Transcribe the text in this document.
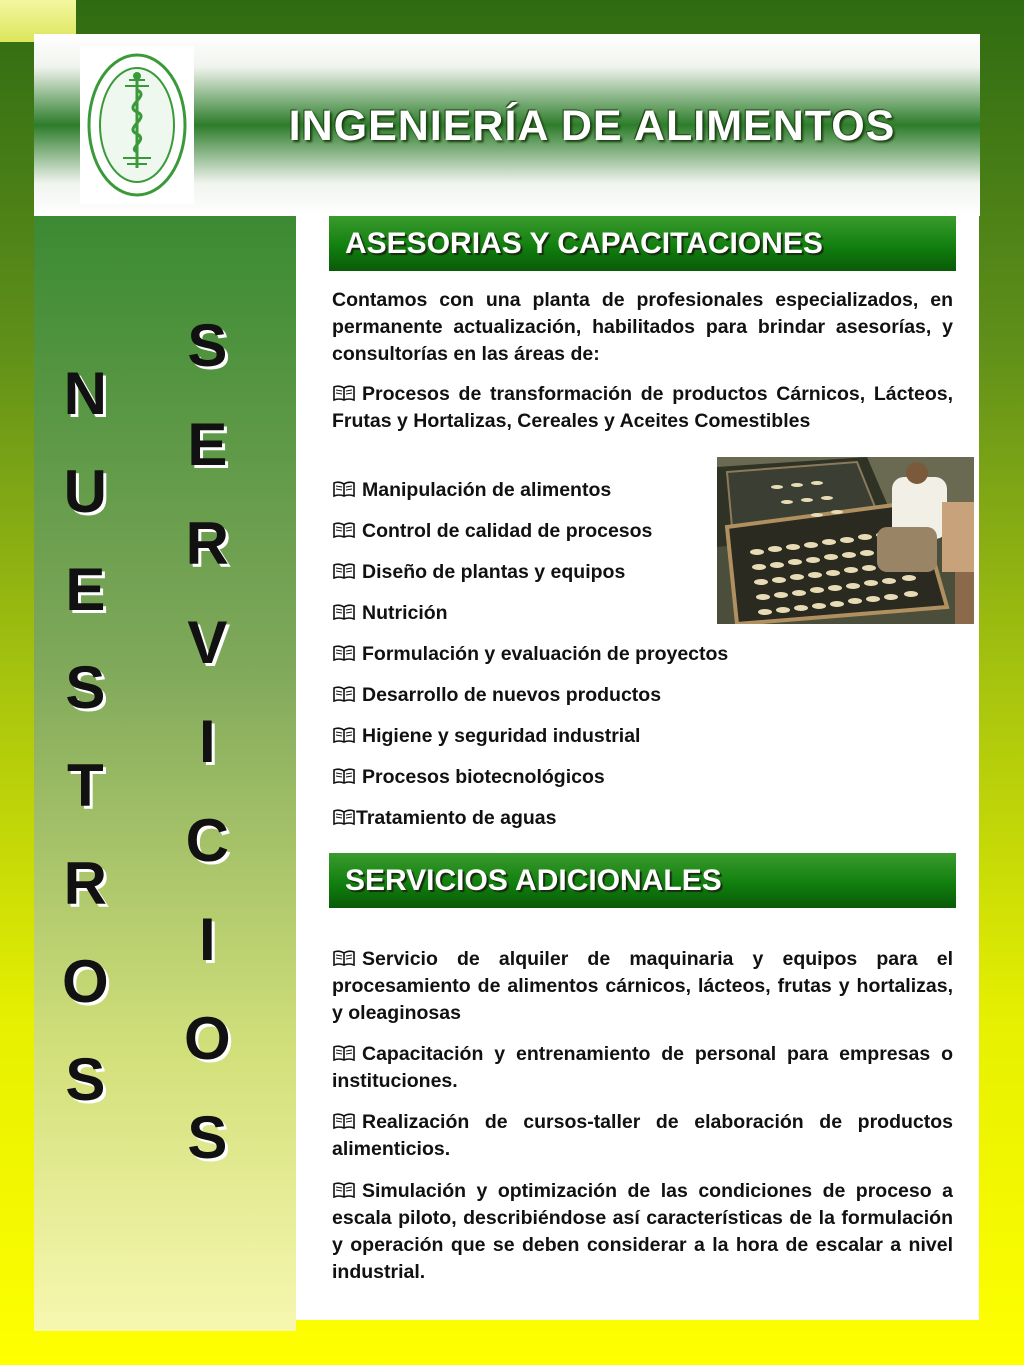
INGENIERÍA DE ALIMENTOS
N
U
E
S
T
R
O
S
S
E
R
V
I
C
I
O
S
ASESORIAS Y CAPACITACIONES

Contamos con una planta de profesionales especializados, en permanente actualización, habilitados para brindar asesorías, y consultorías en las áreas de:

Procesos de transformación de productos Cárnicos, Lácteos, Frutas y Hortalizas, Cereales y Aceites Comestibles

Manipulación de alimentos

Control de calidad de procesos

Diseño de plantas y equipos

Nutrición

Formulación y evaluación de proyectos

Desarrollo de nuevos productos

Higiene y seguridad industrial

Procesos biotecnológicos

Tratamiento de aguas

SERVICIOS ADICIONALES

Servicio de alquiler de maquinaria y equipos para el procesamiento de alimentos cárnicos, lácteos, frutas y hortalizas, y oleaginosas

Capacitación y entrenamiento de personal para empresas o instituciones.

Realización de cursos-taller de elaboración de productos alimenticios.

Simulación y optimización de las condiciones de proceso a escala piloto, describiéndose así características de la formulación y operación que se deben considerar a la hora de escalar a nivel industrial.
